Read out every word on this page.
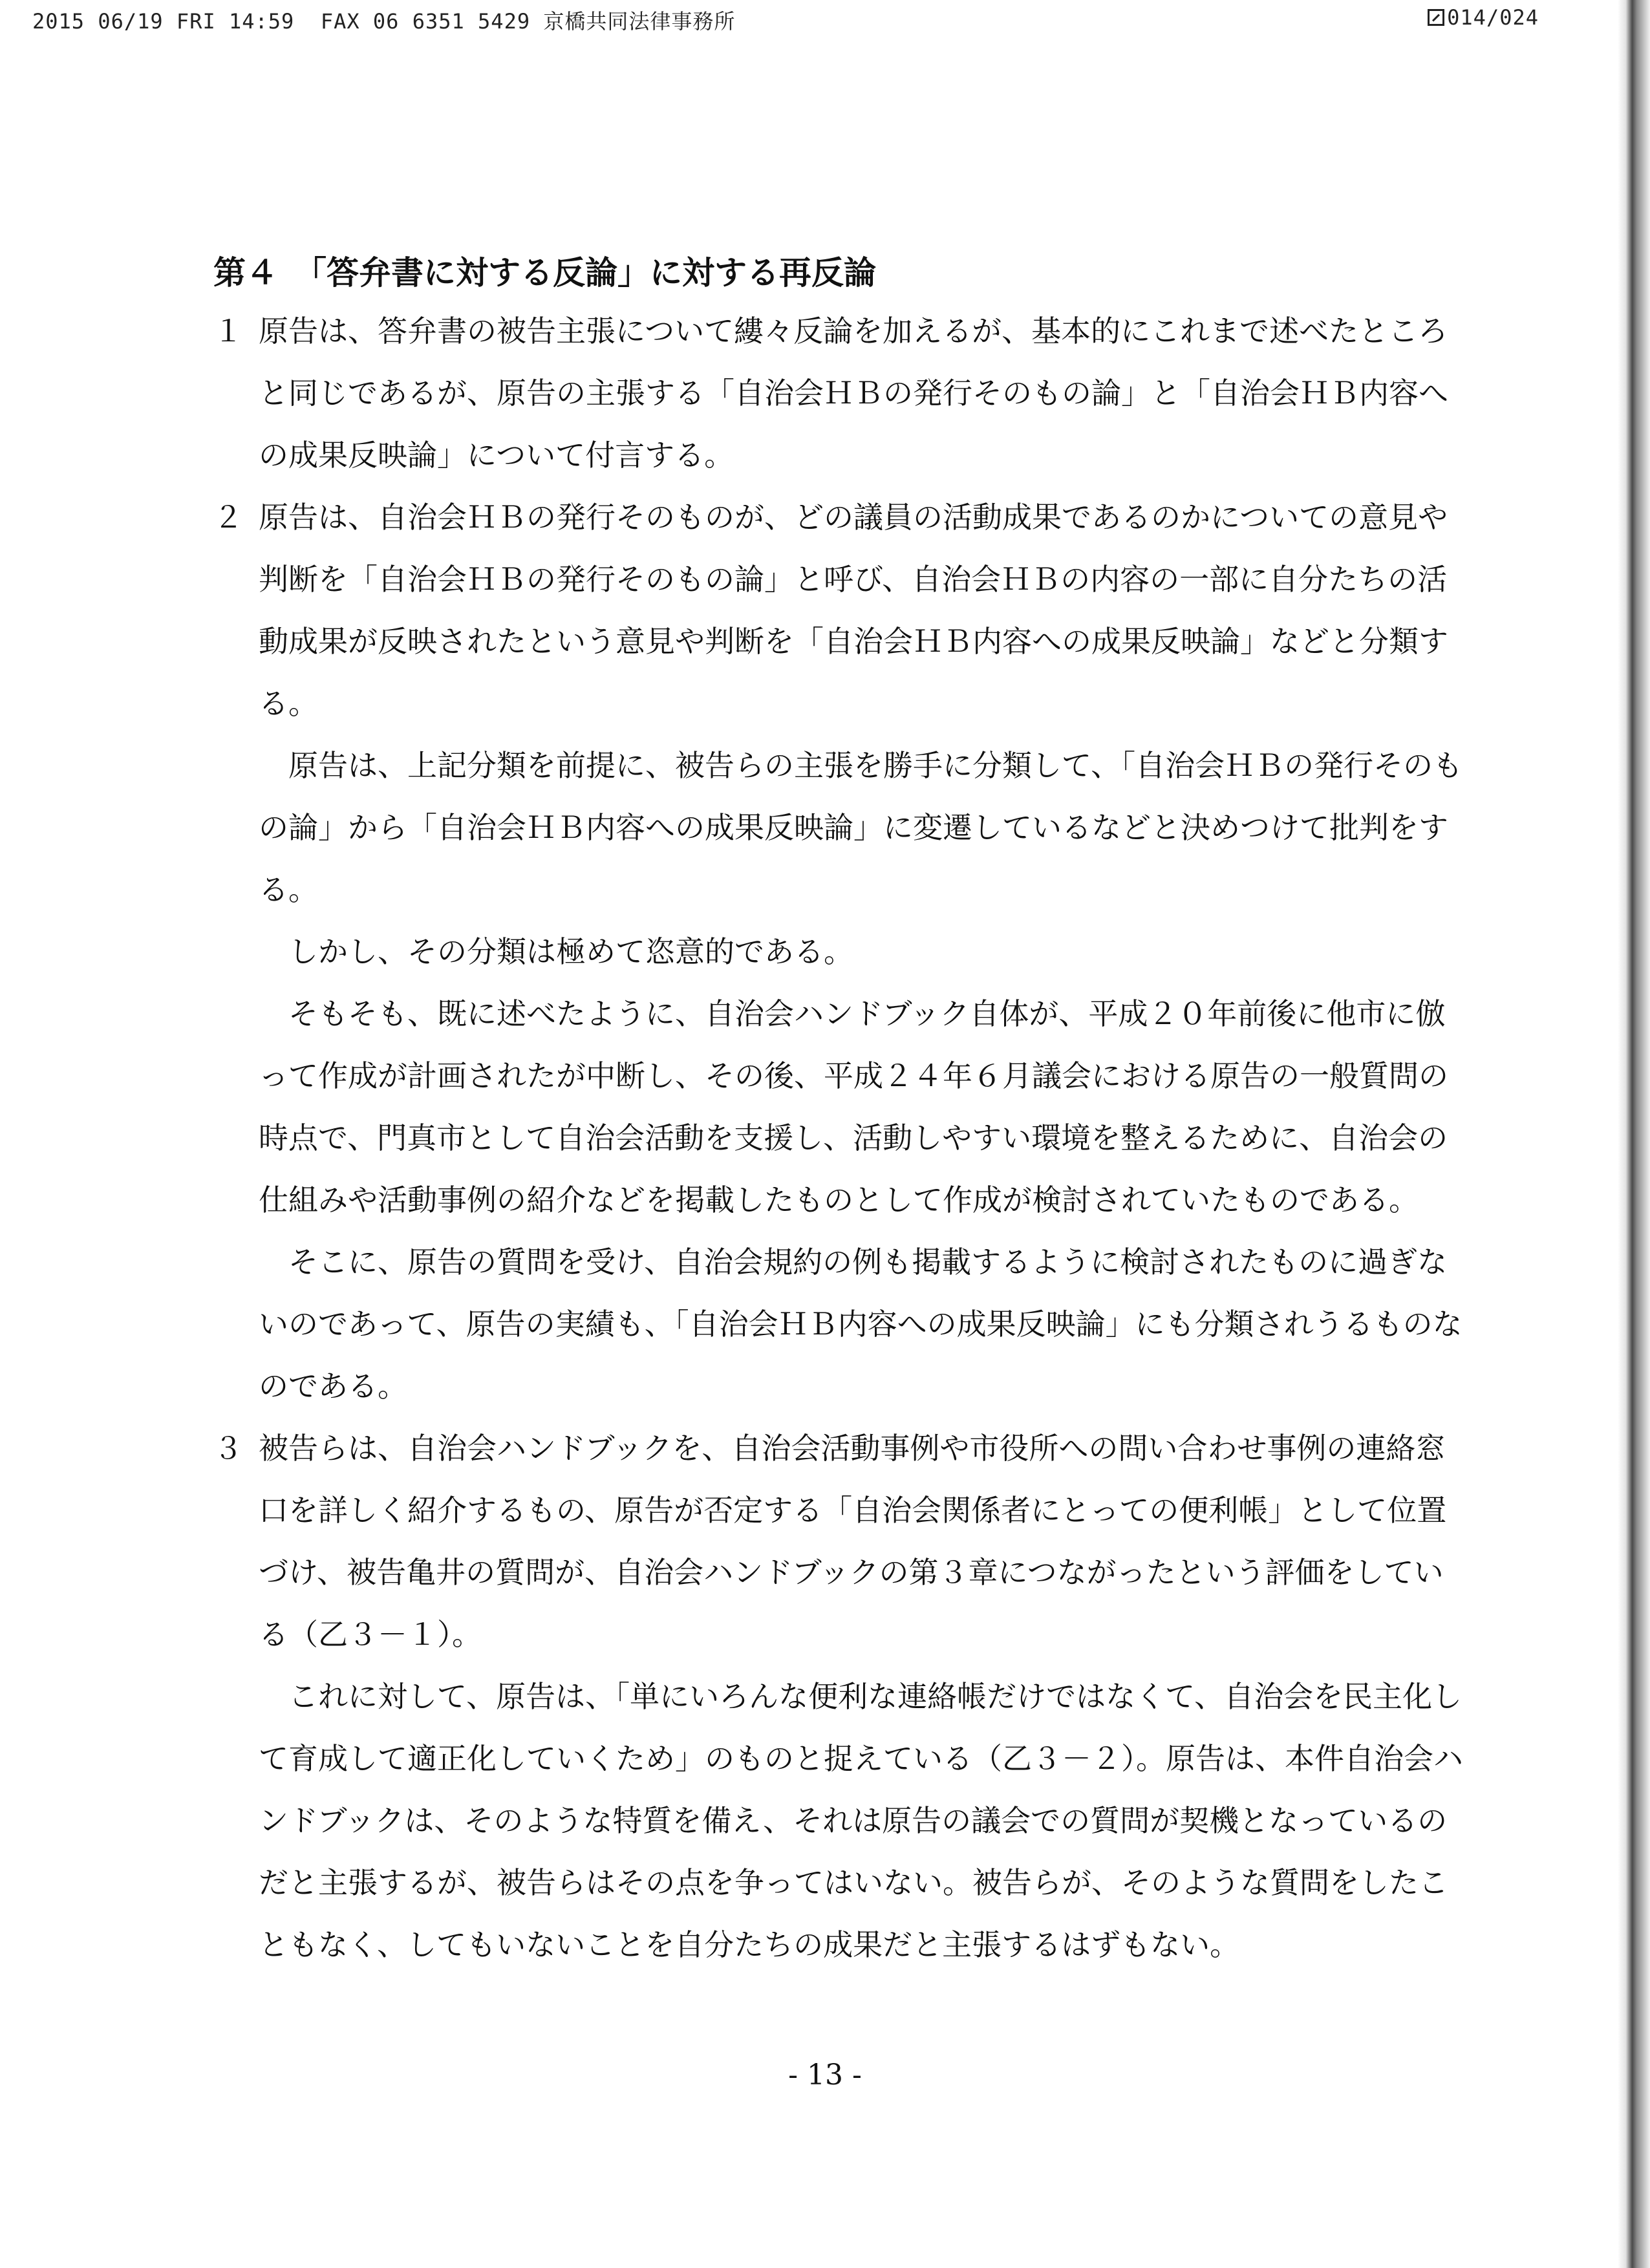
2015 06/19 FRI 14:59  FAX 06 6351 5429 京橋共同法律事務所	014/024
第４　「答弁書に対する反論」に対する再反論
１ 原告は、答弁書の被告主張について縷々反論を加えるが、基本的にこれまで述べたところと同じであるが、原告の主張する「自治会ＨＢの発行そのもの論」と「自治会ＨＢ内容への成果反映論」について付言する。
２ 原告は、自治会ＨＢの発行そのものが、どの議員の活動成果であるのかについての意見や判断を「自治会ＨＢの発行そのもの論」と呼び、自治会ＨＢの内容の一部に自分たちの活動成果が反映されたという意見や判断を「自治会ＨＢ内容への成果反映論」などと分類する。
原告は、上記分類を前提に、被告らの主張を勝手に分類して、「自治会ＨＢの発行そのもの論」から「自治会ＨＢ内容への成果反映論」に変遷しているなどと決めつけて批判をする。
しかし、その分類は極めて恣意的である。
そもそも、既に述べたように、自治会ハンドブック自体が、平成２０年前後に他市に倣って作成が計画されたが中断し、その後、平成２４年６月議会における原告の一般質問の時点で、門真市として自治会活動を支援し、活動しやすい環境を整えるために、自治会の仕組みや活動事例の紹介などを掲載したものとして作成が検討されていたものである。
そこに、原告の質問を受け、自治会規約の例も掲載するように検討されたものに過ぎないのであって、原告の実績も、「自治会ＨＢ内容への成果反映論」にも分類されうるものなのである。
３ 被告らは、自治会ハンドブックを、自治会活動事例や市役所への問い合わせ事例の連絡窓口を詳しく紹介するもの、原告が否定する「自治会関係者にとっての便利帳」として位置づけ、被告亀井の質問が、自治会ハンドブックの第３章につながったという評価をしている（乙３－１）。
これに対して、原告は、「単にいろんな便利な連絡帳だけではなくて、自治会を民主化して育成して適正化していくため」のものと捉えている（乙３－２）。原告は、本件自治会ハンドブックは、そのような特質を備え、それは原告の議会での質問が契機となっているのだと主張するが、被告らはその点を争ってはいない。被告らが、そのような質問をしたこともなく、してもいないことを自分たちの成果だと主張するはずもない。
- 13 -
